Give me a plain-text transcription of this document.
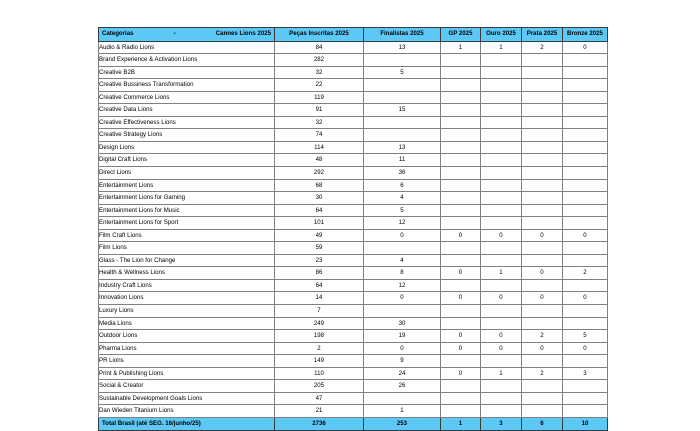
Categorias - Cannes Lions 2025	Peças Inscritas 2025	Finalistas 2025	GP 2025	Ouro 2025	Prata 2025	Bronze 2025
Audio & Radio Lions	84	13	1	1	2	0
Brand Experience & Activation Lions	282					
Creative B2B	32	5				
Creative Bussiness Transformation	22					
Creative Commerce Lions	119					
Creative Data Lions	91	15				
Creative Effectiveness Lions	32					
Creative Strategy Lions	74					
Design Lions	114	13				
Digital Craft Lions	48	11				
Direct Lions	292	36				
Entertainment Lions	68	6				
Entertainment Lions for Gaming	30	4				
Entertainment Lions for Music	64	5				
Entertainment Lions for Sport	101	12				
Film Craft Lions	49	0	0	0	0	0
Film Lions	59					
Glass - The Lion for Change	23	4				
Health & Wellness Lions	86	8	0	1	0	2
Industry Craft Lions	64	12				
Innovation Lions	14	0	0	0	0	0
Luxury Lions	7					
Media Lions	249	30				
Outdoor Lions	198	19	0	0	2	5
Pharma Lions	2	0	0	0	0	0
PR Lions	149	9				
Print & Publishing Lions	110	24	0	1	2	3
Social & Creator	205	26				
Sustainable Development Goals Lions	47					
Dan Wieden Titanium Lions	21	1				
Total Brasil (até SEG. 16/junho/25)	2736	253	1	3	6	10
